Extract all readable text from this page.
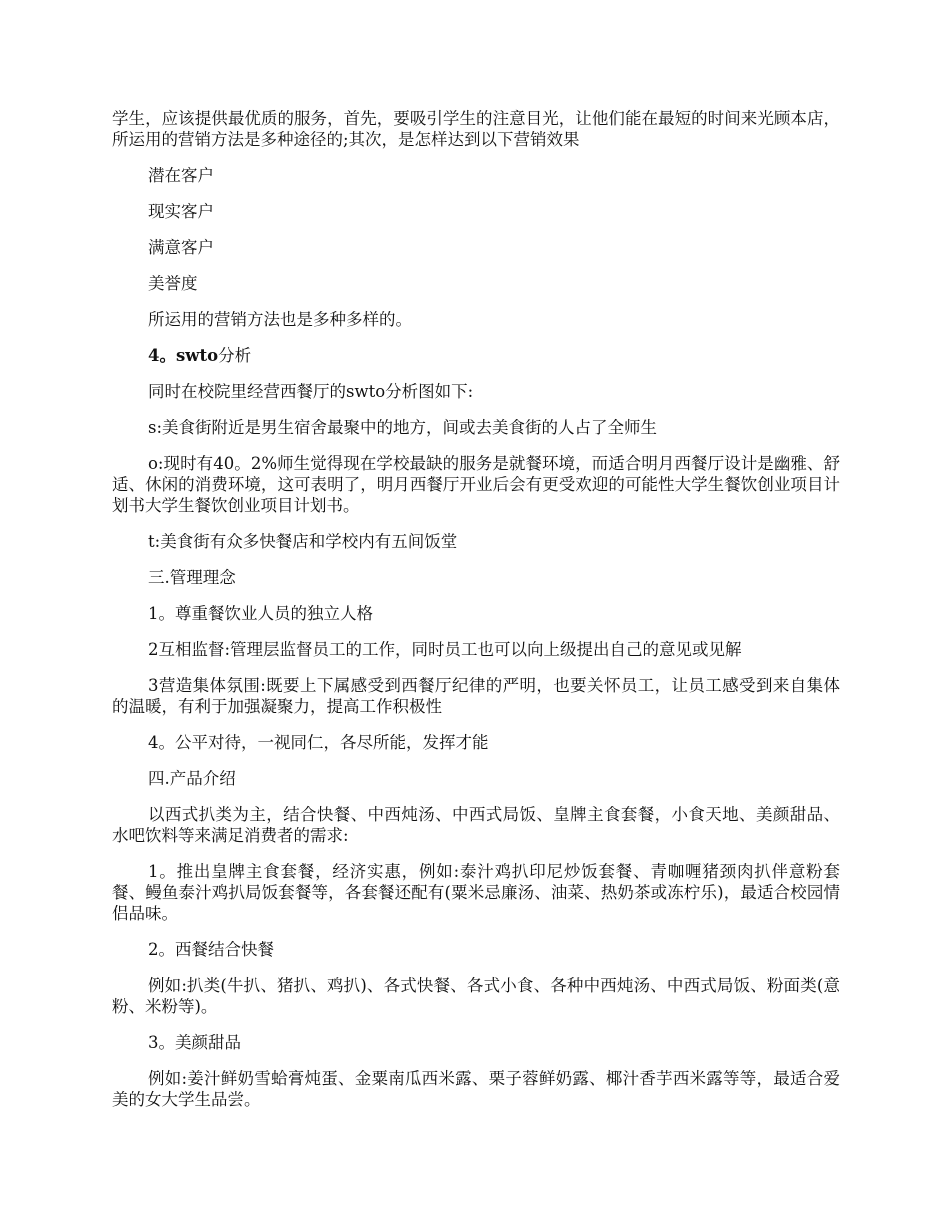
学生，应该提供最优质的服务，首先，要吸引学生的注意目光，让他们能在最短的时间来光顾本店，所运用的营销方法是多种途径的;其次，是怎样达到以下营销效果

潜在客户

现实客户

满意客户

美誉度

所运用的营销方法也是多种多样的。

4。swto分析

同时在校院里经营西餐厅的swto分析图如下:

s:美食街附近是男生宿舍最聚中的地方，间或去美食街的人占了全师生

o:现时有40。2%师生觉得现在学校最缺的服务是就餐环境，而适合明月西餐厅设计是幽雅、舒适、休闲的消费环境，这可表明了，明月西餐厅开业后会有更受欢迎的可能性大学生餐饮创业项目计划书大学生餐饮创业项目计划书。

t:美食街有众多快餐店和学校内有五间饭堂

三.管理理念

1。尊重餐饮业人员的独立人格

2互相监督:管理层监督员工的工作，同时员工也可以向上级提出自己的意见或见解

3营造集体氛围:既要上下属感受到西餐厅纪律的严明，也要关怀员工，让员工感受到来自集体的温暖，有利于加强凝聚力，提高工作积极性

4。公平对待，一视同仁，各尽所能，发挥才能

四.产品介绍

以西式扒类为主，结合快餐、中西炖汤、中西式局饭、皇牌主食套餐，小食天地、美颜甜品、水吧饮料等来满足消费者的需求:

1。推出皇牌主食套餐，经济实惠，例如:泰汁鸡扒印尼炒饭套餐、青咖喱猪颈肉扒伴意粉套餐、鳗鱼泰汁鸡扒局饭套餐等，各套餐还配有(粟米忌廉汤、油菜、热奶茶或冻柠乐)，最适合校园情侣品味。

2。西餐结合快餐

例如:扒类(牛扒、猪扒、鸡扒)、各式快餐、各式小食、各种中西炖汤、中西式局饭、粉面类(意粉、米粉等)。

3。美颜甜品

例如:姜汁鲜奶雪蛤膏炖蛋、金粟南瓜西米露、栗子蓉鲜奶露、椰汁香芋西米露等等，最适合爱美的女大学生品尝。
